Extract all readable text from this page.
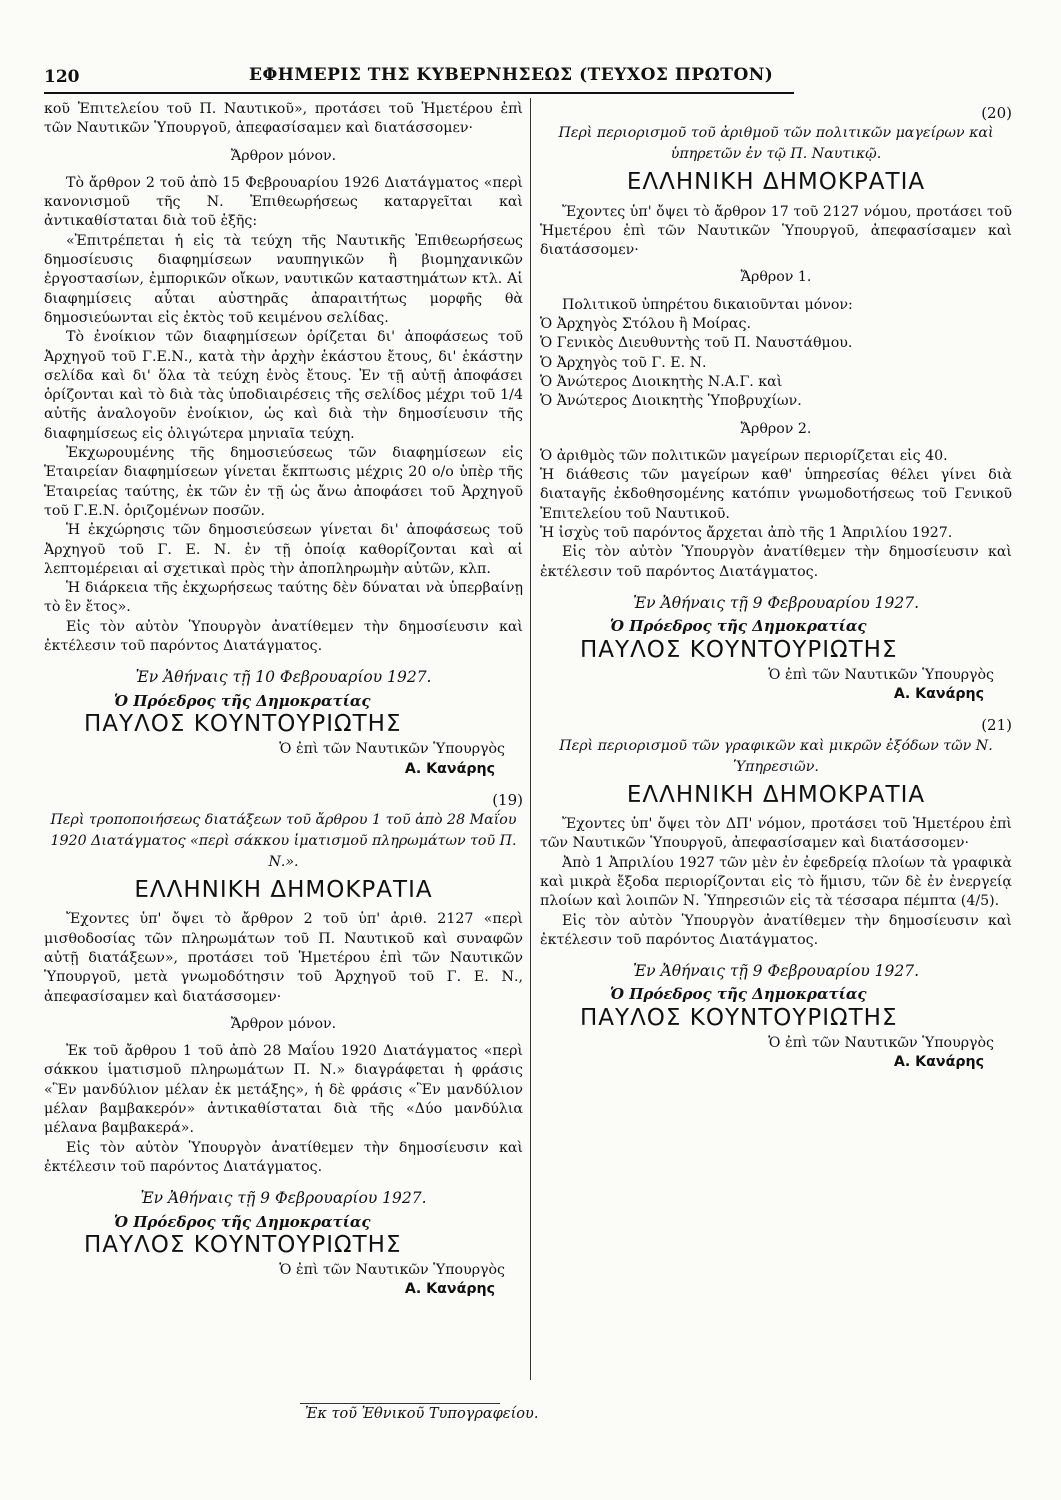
120	ΕΦΗΜΕΡΙΣ ΤΗΣ ΚΥΒΕΡΝΗΣΕΩΣ (ΤΕΥΧΟΣ ΠΡΩΤΟΝ)

κοῦ Ἐπιτελείου τοῦ Π. Ναυτικοῦ», προτάσει τοῦ Ἡμετέρου ἐπὶ τῶν Ναυτικῶν Ὑπουργοῦ, ἀπεφασίσαμεν καὶ διατάσσομεν·

Ἄρθρον μόνον.

Τὸ ἄρθρον 2 τοῦ ἀπὸ 15 Φεβρουαρίου 1926 Διατάγματος «περὶ κανονισμοῦ τῆς Ν. Ἐπιθεωρήσεως καταργεῖται καὶ ἀντικαθίσταται διὰ τοῦ ἑξῆς:

«Ἐπιτρέπεται ἡ εἰς τὰ τεύχη τῆς Ναυτικῆς Ἐπιθεωρήσεως δημοσίευσις διαφημίσεων ναυπηγικῶν ἢ βιομηχανικῶν ἐργοστασίων, ἐμπορικῶν οἴκων, ναυτικῶν καταστημάτων κτλ. Αἱ διαφημίσεις αὗται αὐστηρᾶς ἀπαραιτήτως μορφῆς θὰ δημοσιεύωνται εἰς ἐκτὸς τοῦ κειμένου σελίδας.

Τὸ ἐνοίκιον τῶν διαφημίσεων ὁρίζεται δι' ἀποφάσεως τοῦ Ἀρχηγοῦ τοῦ Γ.Ε.Ν., κατὰ τὴν ἀρχὴν ἑκάστου ἔτους, δι' ἑκάστην σελίδα καὶ δι' ὅλα τὰ τεύχη ἑνὸς ἔτους. Ἐν τῇ αὐτῇ ἀποφάσει ὁρίζονται καὶ τὸ διὰ τὰς ὑποδιαιρέσεις τῆς σελίδος μέχρι τοῦ 1/4 αὐτῆς ἀναλογοῦν ἐνοίκιον, ὡς καὶ διὰ τὴν δημοσίευσιν τῆς διαφημίσεως εἰς ὀλιγώτερα μηνιαῖα τεύχη.

Ἐκχωρουμένης τῆς δημοσιεύσεως τῶν διαφημίσεων εἰς Ἑταιρείαν διαφημίσεων γίνεται ἔκπτωσις μέχρις 20 ο/ο ὑπὲρ τῆς Ἑταιρείας ταύτης, ἐκ τῶν ἐν τῇ ὡς ἄνω ἀποφάσει τοῦ Ἀρχηγοῦ τοῦ Γ.Ε.Ν. ὁριζομένων ποσῶν.

Ἡ ἐκχώρησις τῶν δημοσιεύσεων γίνεται δι' ἀποφάσεως τοῦ Ἀρχηγοῦ τοῦ Γ. Ε. Ν. ἐν τῇ ὁποίᾳ καθορίζονται καὶ αἱ λεπτομέρειαι αἱ σχετικαὶ πρὸς τὴν ἀποπληρωμὴν αὐτῶν, κλπ.

Ἡ διάρκεια τῆς ἐκχωρήσεως ταύτης δὲν δύναται νὰ ὑπερβαίνῃ τὸ ἓν ἔτος».

Εἰς τὸν αὐτὸν Ὑπουργὸν ἀνατίθεμεν τὴν δημοσίευσιν καὶ ἐκτέλεσιν τοῦ παρόντος Διατάγματος.

Ἐν Ἀθήναις τῇ 10 Φεβρουαρίου 1927.

Ὁ Πρόεδρος τῆς Δημοκρατίας

ΠΑΥΛΟΣ ΚΟΥΝΤΟΥΡΙΩΤΗΣ

Ὁ ἐπὶ τῶν Ναυτικῶν Ὑπουργὸς

Α. Κανάρης

(19)

Περὶ τροποποιήσεως διατάξεων τοῦ ἄρθρου 1 τοῦ ἀπὸ 28 Μαΐου 1920 Διατάγματος «περὶ σάκκου ἱματισμοῦ πληρωμάτων τοῦ Π. Ν.».

ΕΛΛΗΝΙΚΗ ΔΗΜΟΚΡΑΤΙΑ

Ἔχοντες ὑπ' ὄψει τὸ ἄρθρον 2 τοῦ ὑπ' ἀριθ. 2127 «περὶ μισθοδοσίας τῶν πληρωμάτων τοῦ Π. Ναυτικοῦ καὶ συναφῶν αὐτῇ διατάξεων», προτάσει τοῦ Ἡμετέρου ἐπὶ τῶν Ναυτικῶν Ὑπουργοῦ, μετὰ γνωμοδότησιν τοῦ Ἀρχηγοῦ τοῦ Γ. Ε. Ν., ἀπεφασίσαμεν καὶ διατάσσομεν·

Ἄρθρον μόνον.

Ἐκ τοῦ ἄρθρου 1 τοῦ ἀπὸ 28 Μαΐου 1920 Διατάγματος «περὶ σάκκου ἱματισμοῦ πληρωμάτων Π. Ν.» διαγράφεται ἡ φράσις «Ἓν μανδύλιον μέλαν ἐκ μετάξης», ἡ δὲ φράσις «Ἓν μανδύλιον μέλαν βαμβακερόν» ἀντικαθίσταται διὰ τῆς «Δύο μανδύλια μέλανα βαμβακερά».

Εἰς τὸν αὐτὸν Ὑπουργὸν ἀνατίθεμεν τὴν δημοσίευσιν καὶ ἐκτέλεσιν τοῦ παρόντος Διατάγματος.

Ἐν Ἀθήναις τῇ 9 Φεβρουαρίου 1927.

Ὁ Πρόεδρος τῆς Δημοκρατίας

ΠΑΥΛΟΣ ΚΟΥΝΤΟΥΡΙΩΤΗΣ

Ὁ ἐπὶ τῶν Ναυτικῶν Ὑπουργὸς

Α. Κανάρης

(20)

Περὶ περιορισμοῦ τοῦ ἀριθμοῦ τῶν πολιτικῶν μαγείρων καὶ ὑπηρετῶν ἐν τῷ Π. Ναυτικῷ.

ΕΛΛΗΝΙΚΗ ΔΗΜΟΚΡΑΤΙΑ

Ἔχοντες ὑπ' ὄψει τὸ ἄρθρον 17 τοῦ 2127 νόμου, προτάσει τοῦ Ἡμετέρου ἐπὶ τῶν Ναυτικῶν Ὑπουργοῦ, ἀπεφασίσαμεν καὶ διατάσσομεν·

Ἄρθρον 1.

Πολιτικοῦ ὑπηρέτου δικαιοῦνται μόνον:

Ὁ Ἀρχηγὸς Στόλου ἢ Μοίρας.

Ὁ Γενικὸς Διευθυντὴς τοῦ Π. Ναυστάθμου.

Ὁ Ἀρχηγὸς τοῦ Γ. Ε. Ν.

Ὁ Ἀνώτερος Διοικητὴς Ν.Α.Γ. καὶ

Ὁ Ἀνώτερος Διοικητὴς Ὑποβρυχίων.

Ἄρθρον 2.

Ὁ ἀριθμὸς τῶν πολιτικῶν μαγείρων περιορίζεται εἰς 40.

Ἡ διάθεσις τῶν μαγείρων καθ' ὑπηρεσίας θέλει γίνει διὰ διαταγῆς ἐκδοθησομένης κατόπιν γνωμοδοτήσεως τοῦ Γενικοῦ Ἐπιτελείου τοῦ Ναυτικοῦ.

Ἡ ἰσχὺς τοῦ παρόντος ἄρχεται ἀπὸ τῆς 1 Ἀπριλίου 1927.

Εἰς τὸν αὐτὸν Ὑπουργὸν ἀνατίθεμεν τὴν δημοσίευσιν καὶ ἐκτέλεσιν τοῦ παρόντος Διατάγματος.

Ἐν Ἀθήναις τῇ 9 Φεβρουαρίου 1927.

Ὁ Πρόεδρος τῆς Δημοκρατίας

ΠΑΥΛΟΣ ΚΟΥΝΤΟΥΡΙΩΤΗΣ

Ὁ ἐπὶ τῶν Ναυτικῶν Ὑπουργὸς

Α. Κανάρης

(21)

Περὶ περιορισμοῦ τῶν γραφικῶν καὶ μικρῶν ἐξόδων τῶν Ν. Ὑπηρεσιῶν.

ΕΛΛΗΝΙΚΗ ΔΗΜΟΚΡΑΤΙΑ

Ἔχοντες ὑπ' ὄψει τὸν ΔΠ' νόμον, προτάσει τοῦ Ἡμετέρου ἐπὶ τῶν Ναυτικῶν Ὑπουργοῦ, ἀπεφασίσαμεν καὶ διατάσσομεν·

Ἀπὸ 1 Ἀπριλίου 1927 τῶν μὲν ἐν ἐφεδρείᾳ πλοίων τὰ γραφικὰ καὶ μικρὰ ἔξοδα περιορίζονται εἰς τὸ ἥμισυ, τῶν δὲ ἐν ἐνεργείᾳ πλοίων καὶ λοιπῶν Ν. Ὑπηρεσιῶν εἰς τὰ τέσσαρα πέμπτα (4/5).

Εἰς τὸν αὐτὸν Ὑπουργὸν ἀνατίθεμεν τὴν δημοσίευσιν καὶ ἐκτέλεσιν τοῦ παρόντος Διατάγματος.

Ἐν Ἀθήναις τῇ 9 Φεβρουαρίου 1927.

Ὁ Πρόεδρος τῆς Δημοκρατίας

ΠΑΥΛΟΣ ΚΟΥΝΤΟΥΡΙΩΤΗΣ

Ὁ ἐπὶ τῶν Ναυτικῶν Ὑπουργὸς

Α. Κανάρης

Ἐκ τοῦ Ἐθνικοῦ Τυπογραφείου.
